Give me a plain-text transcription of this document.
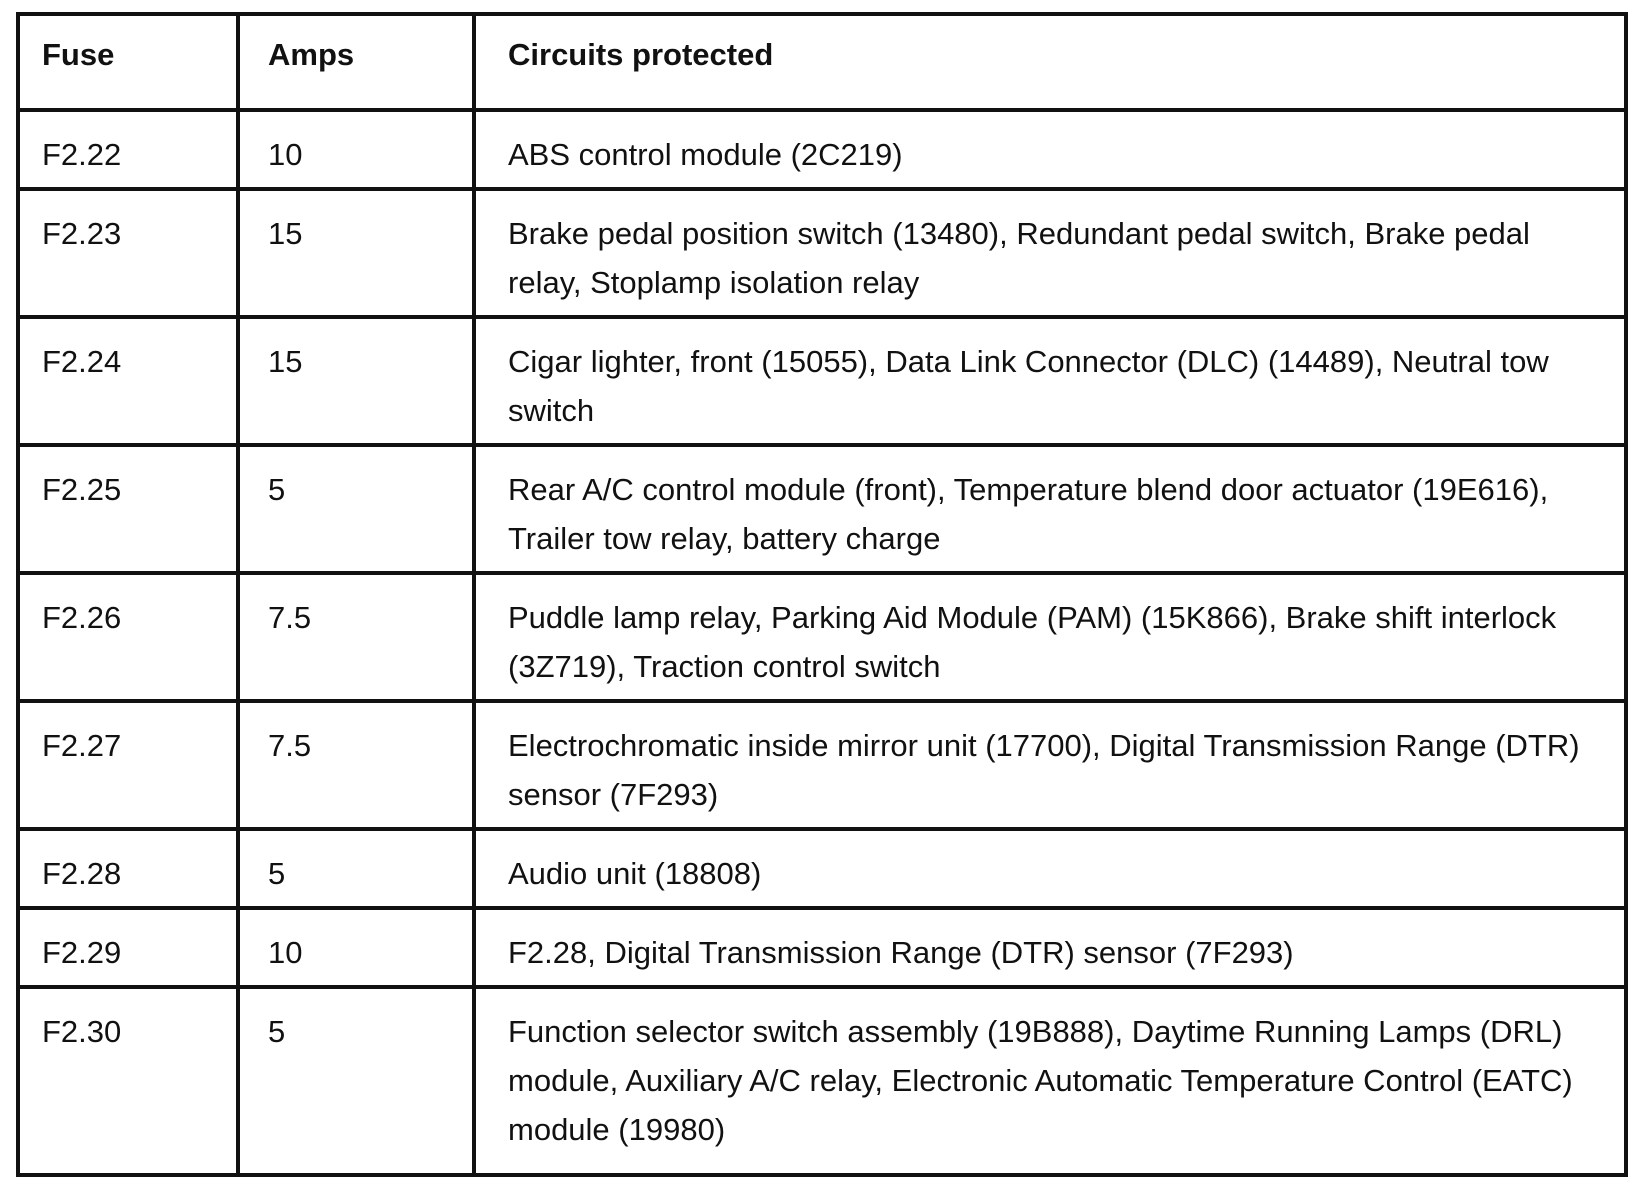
Fuse	Amps	Circuits protected
F2.22	10	ABS control module (2C219)
F2.23	15	Brake pedal position switch (13480), Redundant pedal switch, Brake pedal relay, Stoplamp isolation relay
F2.24	15	Cigar lighter, front (15055), Data Link Connector (DLC) (14489), Neutral tow switch
F2.25	5	Rear A/C control module (front), Temperature blend door actuator (19E616), Trailer tow relay, battery charge
F2.26	7.5	Puddle lamp relay, Parking Aid Module (PAM) (15K866), Brake shift interlock (3Z719), Traction control switch
F2.27	7.5	Electrochromatic inside mirror unit (17700), Digital Transmission Range (DTR) sensor (7F293)
F2.28	5	Audio unit (18808)
F2.29	10	F2.28, Digital Transmission Range (DTR) sensor (7F293)
F2.30	5	Function selector switch assembly (19B888), Daytime Running Lamps (DRL) module, Auxiliary A/C relay, Electronic Automatic Temperature Control (EATC) module (19980)
